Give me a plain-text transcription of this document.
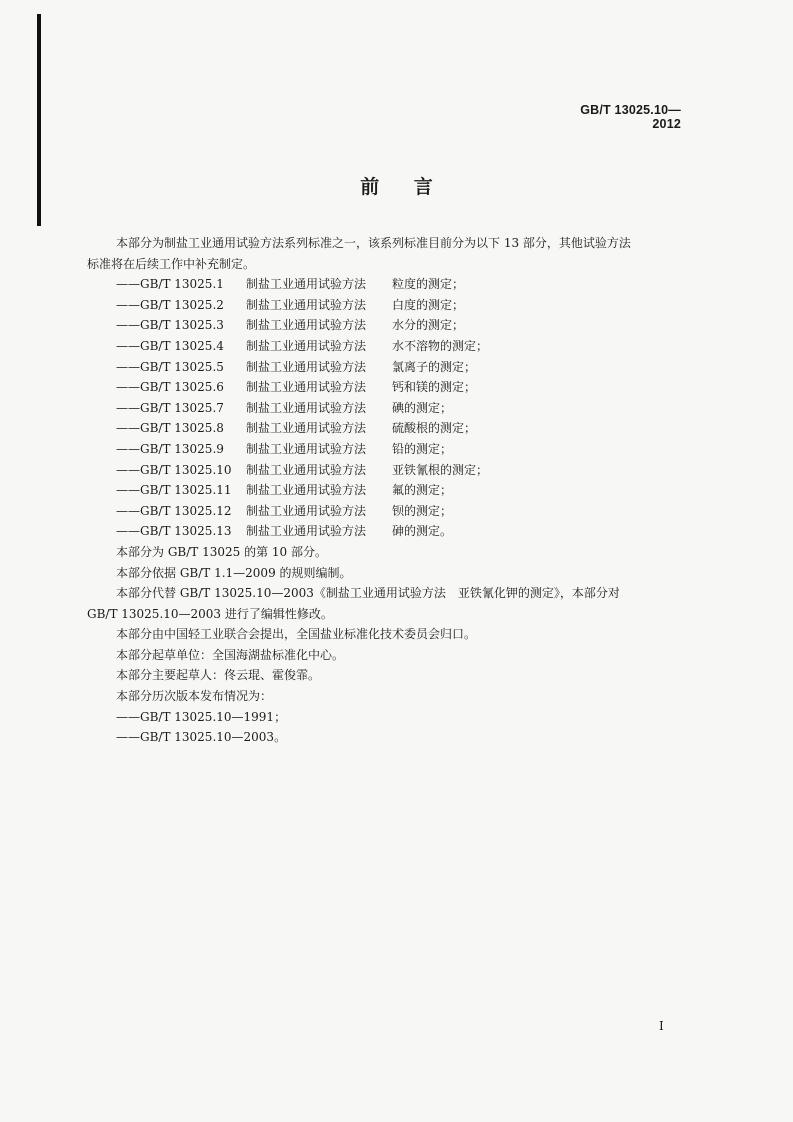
GB/T 13025.10—2012
前 言

本部分为制盐工业通用试验方法系列标准之一，该系列标准目前分为以下 13 部分，其他试验方法

标准将在后续工作中补充制定。

——GB/T 13025.1 制盐工业通用试验方法 粒度的测定；

——GB/T 13025.2 制盐工业通用试验方法 白度的测定；

——GB/T 13025.3 制盐工业通用试验方法 水分的测定；

——GB/T 13025.4 制盐工业通用试验方法 水不溶物的测定；

——GB/T 13025.5 制盐工业通用试验方法 氯离子的测定；

——GB/T 13025.6 制盐工业通用试验方法 钙和镁的测定；

——GB/T 13025.7 制盐工业通用试验方法 碘的测定；

——GB/T 13025.8 制盐工业通用试验方法 硫酸根的测定；

——GB/T 13025.9 制盐工业通用试验方法 铅的测定；

——GB/T 13025.10 制盐工业通用试验方法 亚铁氰根的测定；

——GB/T 13025.11 制盐工业通用试验方法 氟的测定；

——GB/T 13025.12 制盐工业通用试验方法 钡的测定；

——GB/T 13025.13 制盐工业通用试验方法 砷的测定。

本部分为 GB/T 13025 的第 10 部分。

本部分依据 GB/T 1.1—2009 的规则编制。

本部分代替 GB/T 13025.10—2003《制盐工业通用试验方法　亚铁氰化钾的测定》，本部分对

GB/T 13025.10—2003 进行了编辑性修改。

本部分由中国轻工业联合会提出，全国盐业标准化技术委员会归口。

本部分起草单位：全国海湖盐标准化中心。

本部分主要起草人：佟云琨、霍俊霏。

本部分历次版本发布情况为：

——GB/T 13025.10—1991；

——GB/T 13025.10—2003。

I
